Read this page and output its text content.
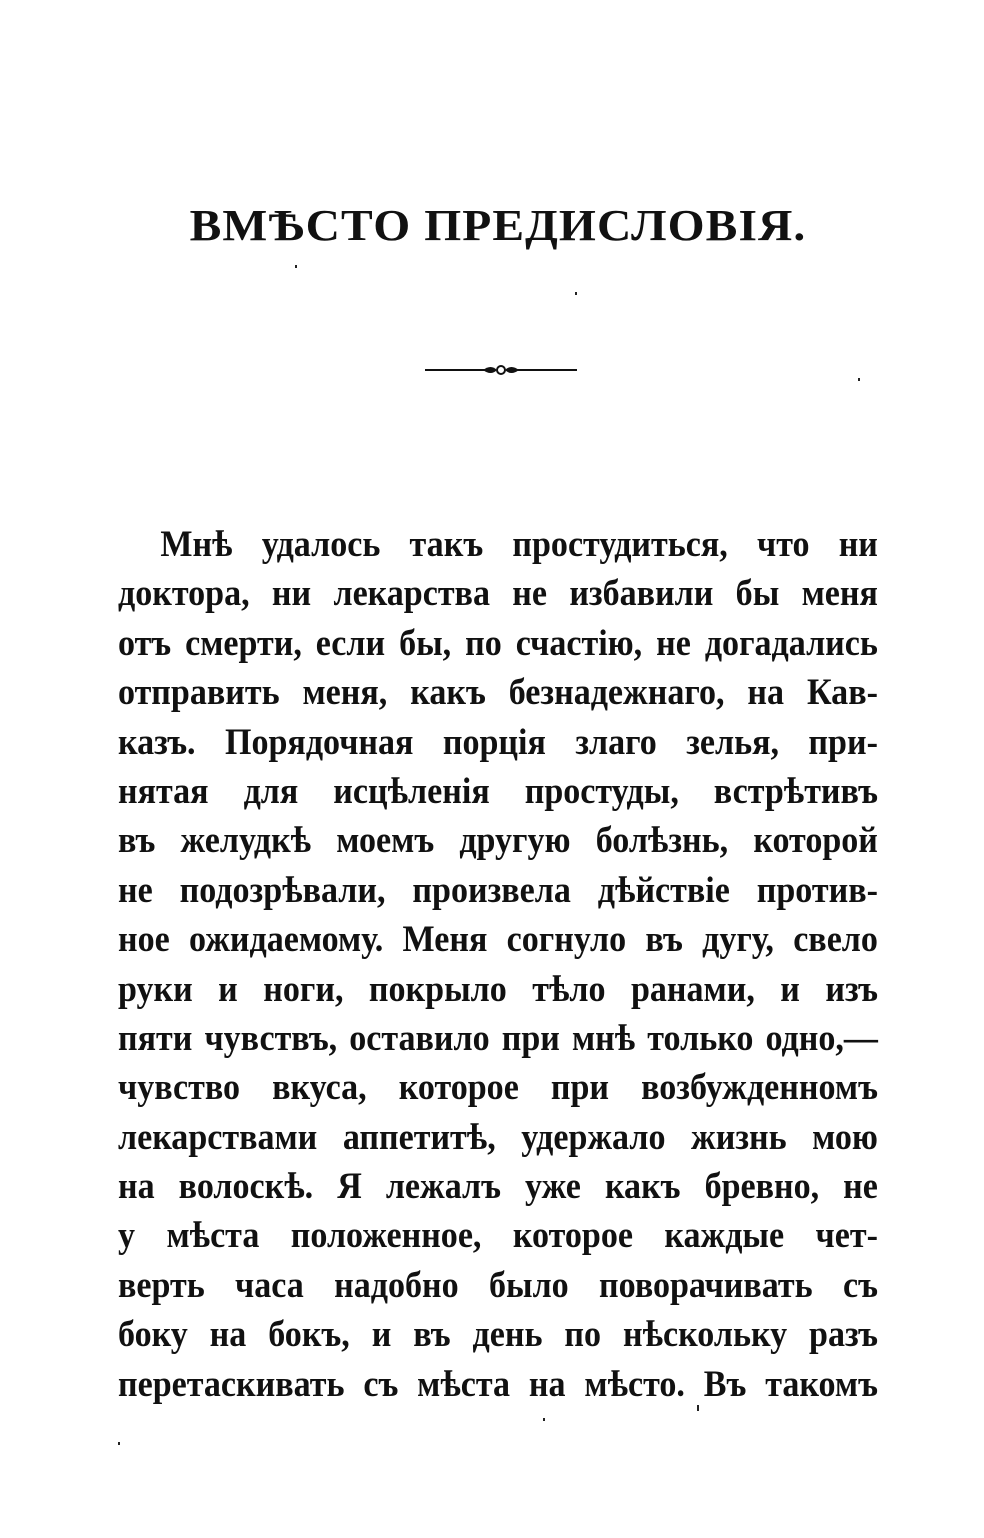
ВМѢСТО ПРЕДИСЛОВІЯ.
Мнѣ удалось такъ простудиться, что ни
доктора, ни лекарства не избавили бы меня
отъ смерти, если бы, по счастію, не догадались
отправить меня, какъ безнадежнаго, на Кав-
казъ. Порядочная порція злаго зелья, при-
нятая для исцѣленія простуды, встрѣтивъ
въ желудкѣ моемъ другую болѣзнь, которой
не подозрѣвали, произвела дѣйствіе против-
ное ожидаемому. Меня согнуло въ дугу, свело
руки и ноги, покрыло тѣло ранами, и изъ
пяти чувствъ, оставило при мнѣ только одно,—
чувство вкуса, которое при возбужденномъ
лекарствами аппетитѣ, удержало жизнь мою
на волоскѣ. Я лежалъ уже какъ бревно, не
у мѣста положенное, которое каждые чет-
верть часа надобно было поворачивать съ
боку на бокъ, и въ день по нѣскольку разъ
перетаскивать съ мѣста на мѣсто. Въ такомъ
